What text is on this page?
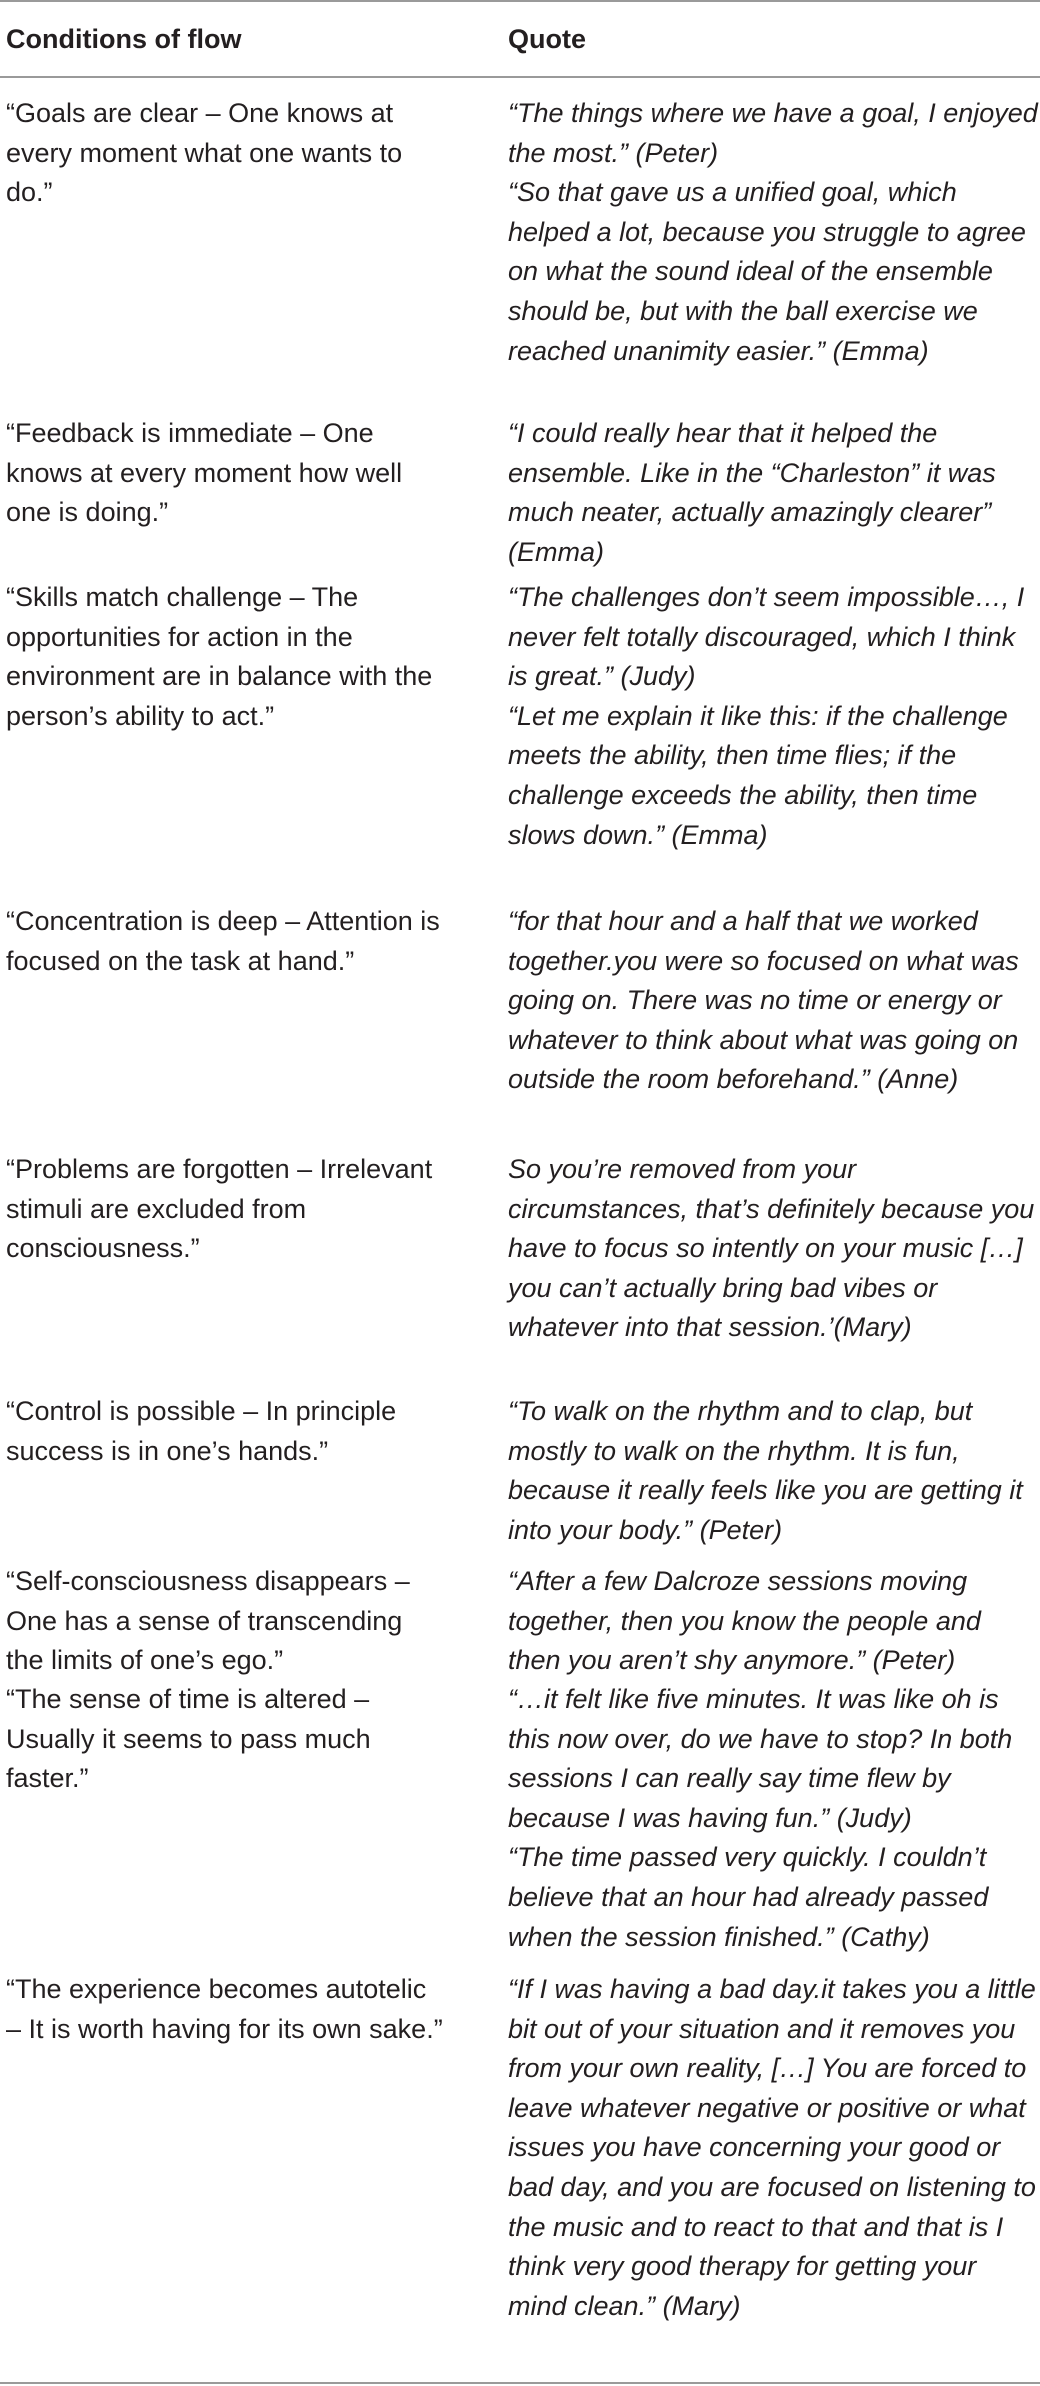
Conditions of flow	Quote
“Goals are clear – One knows at every moment what one wants to do.”

“The things where we have a goal, I enjoyed the most.” (Peter)

“So that gave us a unified goal, which helped a lot, because you struggle to agree on what the sound ideal of the ensemble should be, but with the ball exercise we reached unanimity easier.” (Emma)

“Feedback is immediate – One knows at every moment how well one is doing.”

“I could really hear that it helped the ensemble. Like in the “Charleston” it was much neater, actually amazingly clearer” (Emma)

“Skills match challenge – The opportunities for action in the environment are in balance with the person’s ability to act.”

“The challenges don’t seem impossible…, I never felt totally discouraged, which I think is great.” (Judy)

“Let me explain it like this: if the challenge meets the ability, then time flies; if the challenge exceeds the ability, then time slows down.” (Emma)

“Concentration is deep – Attention is focused on the task at hand.”

“for that hour and a half that we worked together.you were so focused on what was going on. There was no time or energy or whatever to think about what was going on outside the room beforehand.” (Anne)

“Problems are forgotten – Irrelevant stimuli are excluded from consciousness.”

So you’re removed from your circumstances, that’s definitely because you have to focus so intently on your music […] you can’t actually bring bad vibes or whatever into that session.’(Mary)

“Control is possible – In principle success is in one’s hands.”

“To walk on the rhythm and to clap, but mostly to walk on the rhythm. It is fun, because it really feels like you are getting it into your body.” (Peter)

“Self-consciousness disappears – One has a sense of transcending the limits of one’s ego.”

“After a few Dalcroze sessions moving together, then you know the people and then you aren’t shy anymore.” (Peter)

“The sense of time is altered – Usually it seems to pass much faster.”

“…it felt like five minutes. It was like oh is this now over, do we have to stop? In both sessions I can really say time flew by because I was having fun.” (Judy)

“The time passed very quickly. I couldn’t believe that an hour had already passed when the session finished.” (Cathy)

“The experience becomes autotelic – It is worth having for its own sake.”

“If I was having a bad day.it takes you a little bit out of your situation and it removes you from your own reality, […] You are forced to leave whatever negative or positive or what issues you have concerning your good or bad day, and you are focused on listening to the music and to react to that and that is I think very good therapy for getting your mind clean.” (Mary)
